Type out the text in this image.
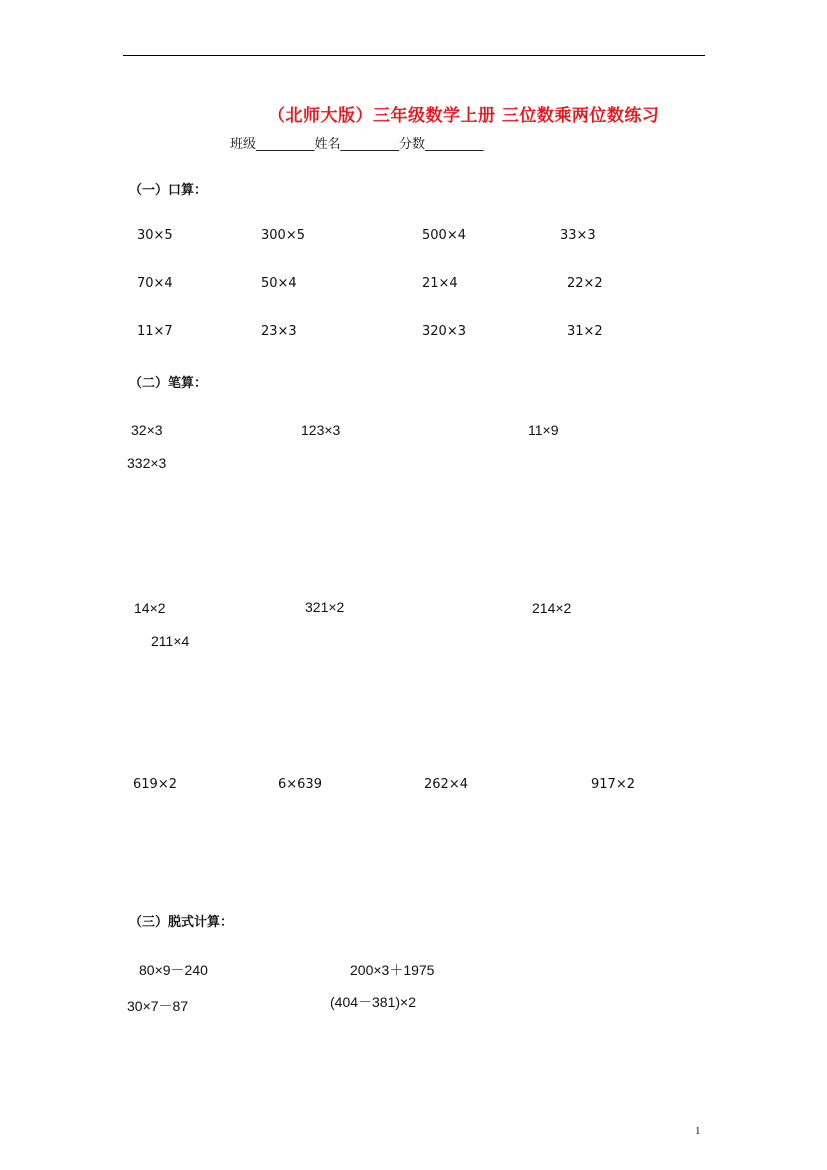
（北师大版）三年级数学上册 三位数乘两位数练习
班级_________姓名_________分数_________
（一）口算：
30×5	300×5	500×4	33×3
70×4	50×4	21×4	22×2
11×7	23×3	320×3	31×2
（二）笔算：
32×3	123×3	11×9
332×3
14×2	321×2	214×2
211×4
619×2	6×639	262×4	917×2
（三）脱式计算：
80×9－240	200×3＋1975
30×7－87	(404－381)×2
1
